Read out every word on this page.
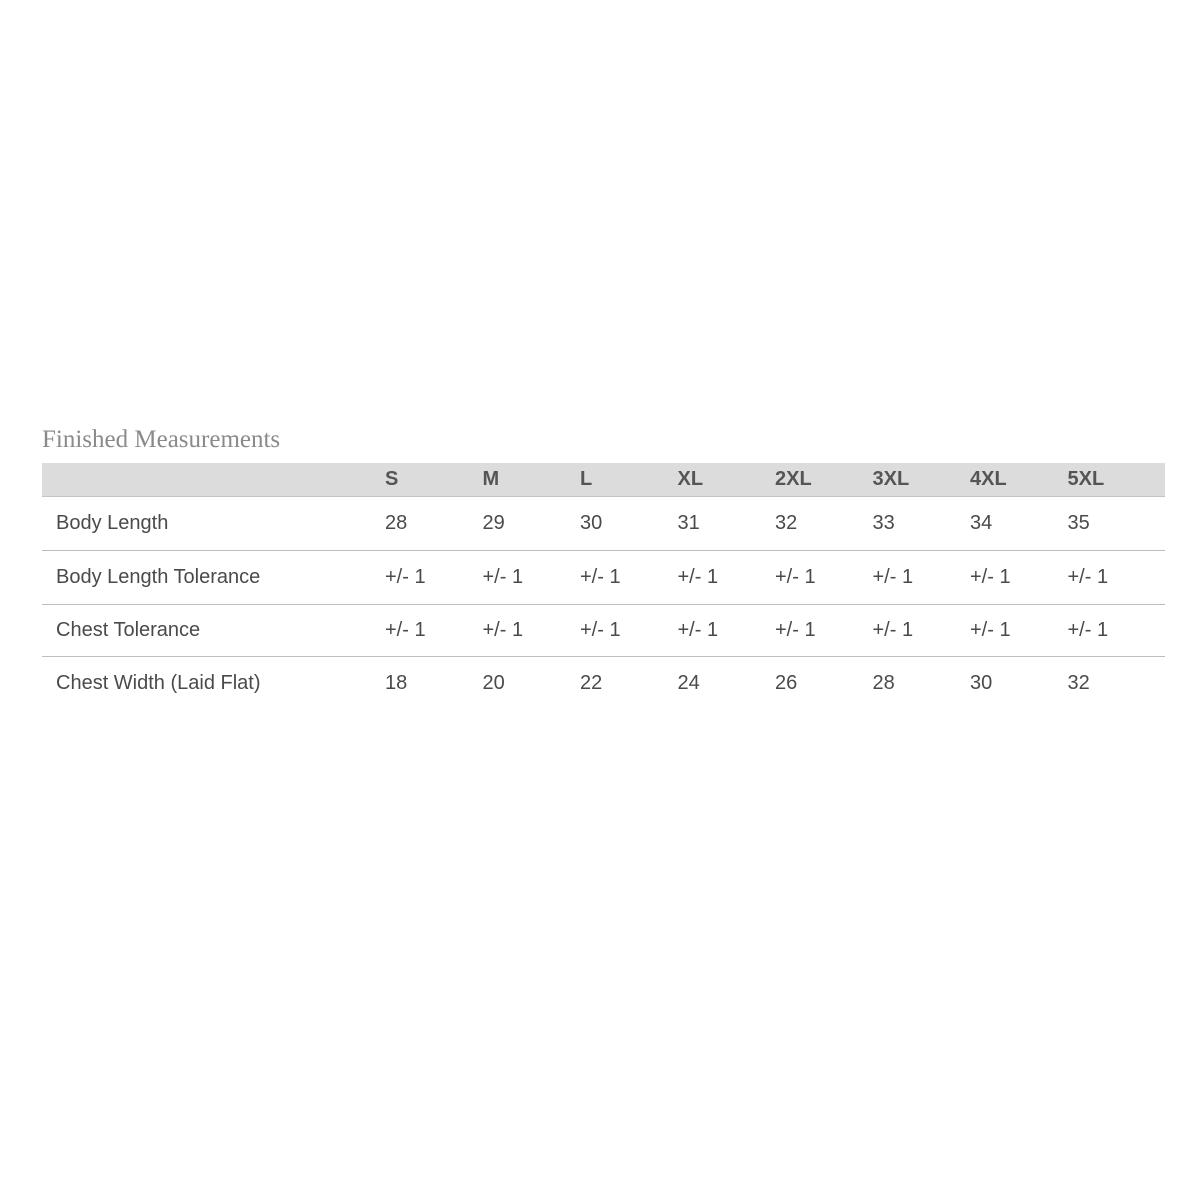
Finished Measurements
	S	M	L	XL	2XL	3XL	4XL	5XL
Body Length	28	29	30	31	32	33	34	35
Body Length Tolerance	+/- 1	+/- 1	+/- 1	+/- 1	+/- 1	+/- 1	+/- 1	+/- 1
Chest Tolerance	+/- 1	+/- 1	+/- 1	+/- 1	+/- 1	+/- 1	+/- 1	+/- 1
Chest Width (Laid Flat)	18	20	22	24	26	28	30	32
